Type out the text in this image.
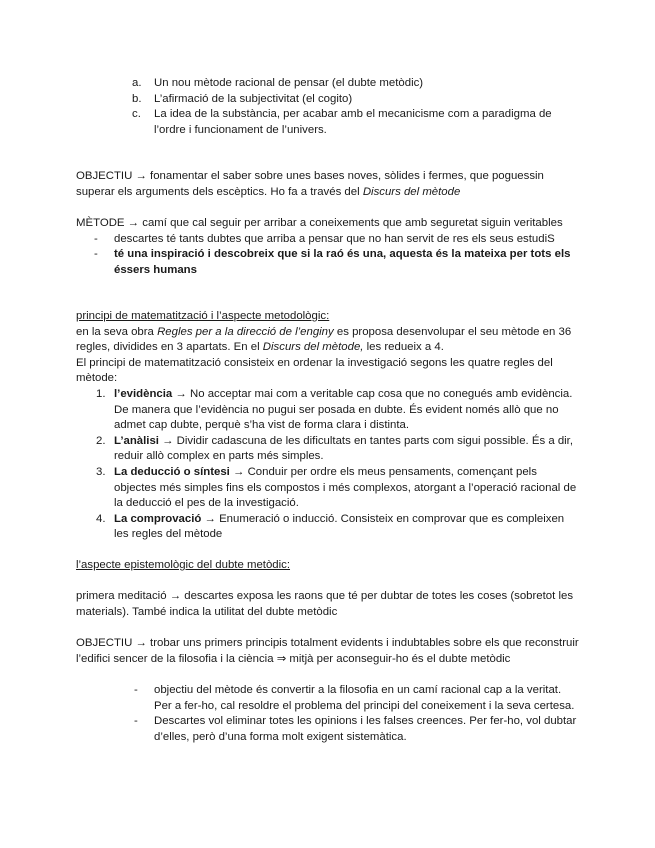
a. Un nou mètode racional de pensar (el dubte metòdic)

b. L’afirmació de la subjectivitat (el cogito)

c. La idea de la substància, per acabar amb el mecanicisme com a paradigma de l’ordre i funcionament de l’univers.

OBJECTIU → fonamentar el saber sobre unes bases noves, sòlides i fermes, que poguessin superar els arguments dels escèptics. Ho fa a través del Discurs del mètode

MÈTODE → camí que cal seguir per arribar a coneixements que amb seguretat siguin veritables

- descartes té tants dubtes que arriba a pensar que no han servit de res els seus estudiS

- té una inspiració i descobreix que si la raó és una, aquesta és la mateixa per tots els éssers humans

principi de matematització i l’aspecte metodològic:

en la seva obra Regles per a la direcció de l’enginy es proposa desenvolupar el seu mètode en 36 regles, dividides en 3 apartats. En el Discurs del mètode, les redueix a 4.

El principi de matematització consisteix en ordenar la investigació segons les quatre regles del mètode:

1. l’evidència → No acceptar mai com a veritable cap cosa que no conegués amb evidència. De manera que l’evidència no pugui ser posada en dubte. És evident només allò que no admet cap dubte, perquè s’ha vist de forma clara i distinta.

2. L’anàlisi → Dividir cadascuna de les dificultats en tantes parts com sigui possible. És a dir, reduir allò complex en parts més simples.

3. La deducció o síntesi → Conduir per ordre els meus pensaments, començant pels objectes més simples fins els compostos i més complexos, atorgant a l’operació racional de la deducció el pes de la investigació.

4. La comprovació → Enumeració o inducció. Consisteix en comprovar que es compleixen les regles del mètode

l’aspecte epistemològic del dubte metòdic:

primera meditació → descartes exposa les raons que té per dubtar de totes les coses (sobretot les materials). També indica la utilitat del dubte metòdic

OBJECTIU → trobar uns primers principis totalment evidents i indubtables sobre els que reconstruir l’edifici sencer de la filosofia i la ciència ⇒ mitjà per aconseguir-ho és el dubte metòdic

- objectiu del mètode és convertir a la filosofia en un camí racional cap a la veritat. Per a fer-ho, cal resoldre el problema del principi del coneixement i la seva certesa.

- Descartes vol eliminar totes les opinions i les falses creences. Per fer-ho, vol dubtar d’elles, però d’una forma molt exigent sistemàtica.
